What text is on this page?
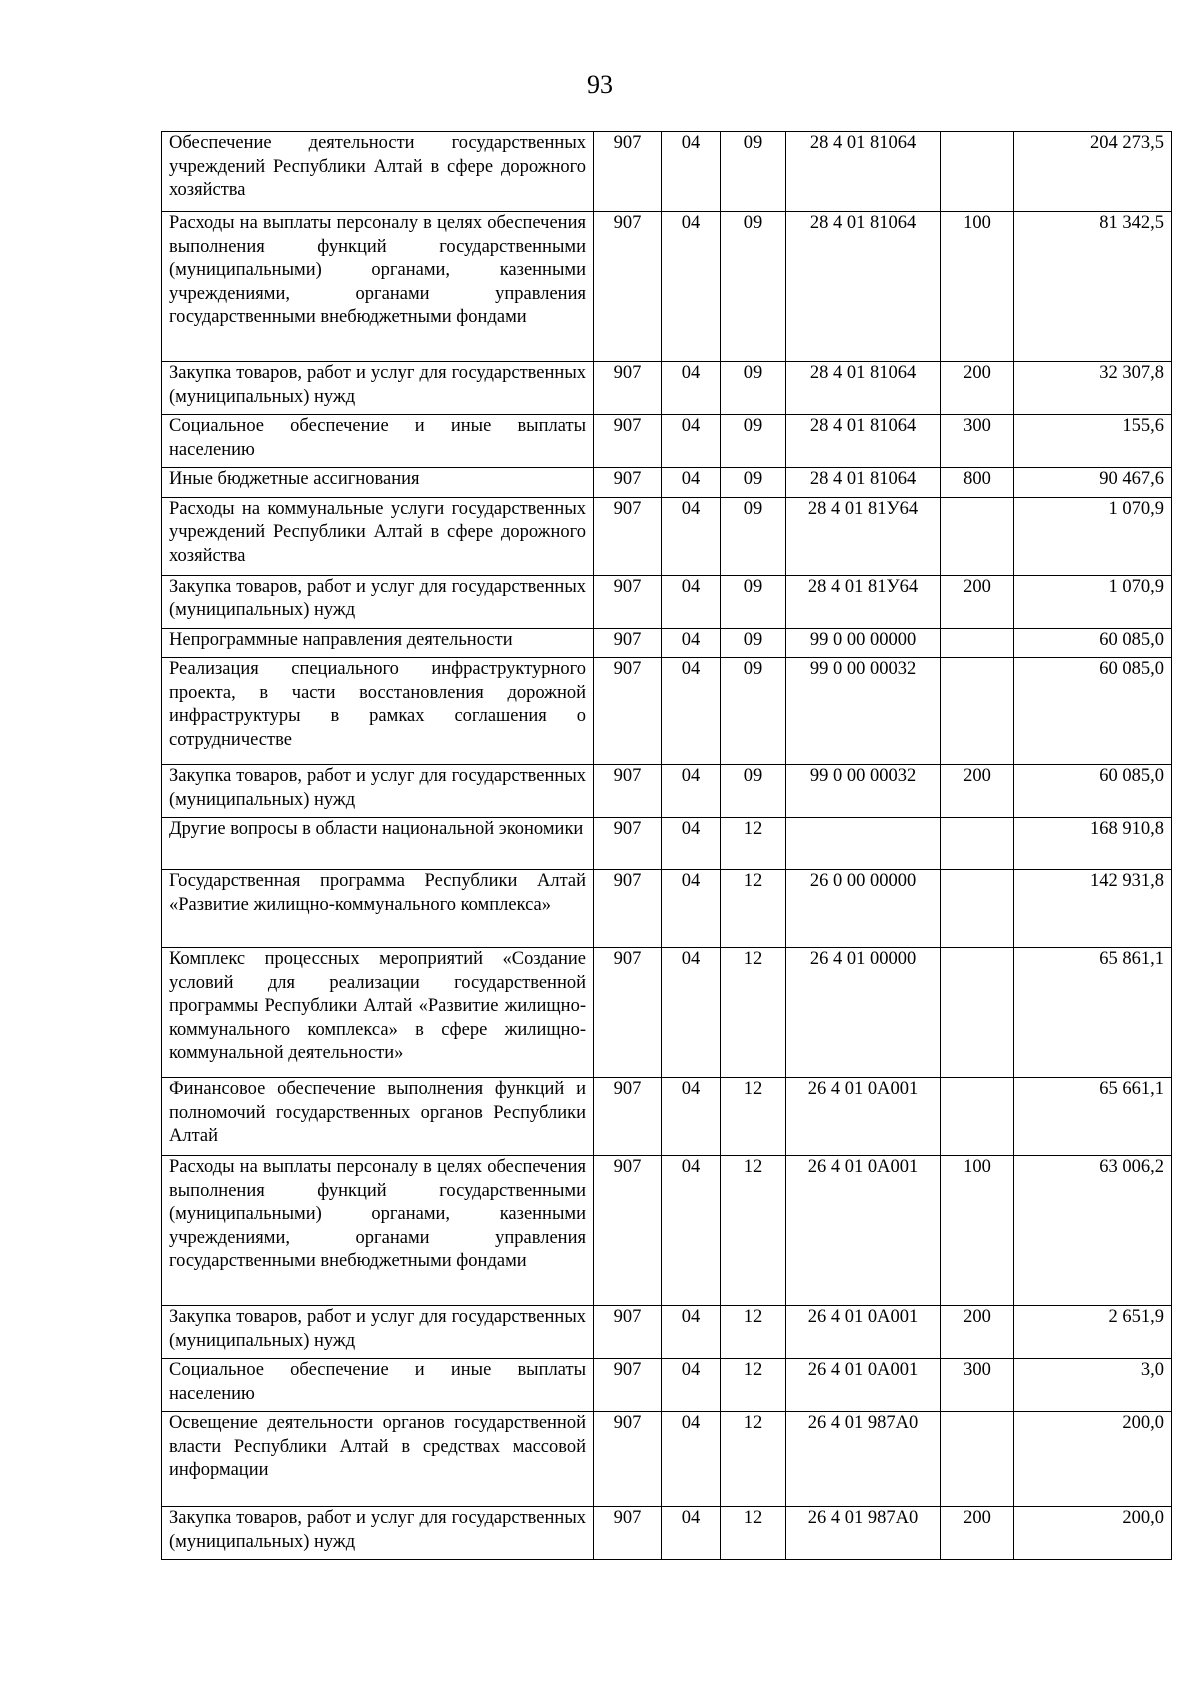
93
Обеспечение деятельности государственных учреждений Республики Алтай в сфере дорожного хозяйства	907	04	09	28 4 01 81064		204 273,5
Расходы на выплаты персоналу в целях обеспечения выполнения функций государственными (муниципальными) органами, казенными учреждениями, органами управления государственными внебюджетными фондами	907	04	09	28 4 01 81064	100	81 342,5
Закупка товаров, работ и услуг для государственных (муниципальных) нужд	907	04	09	28 4 01 81064	200	32 307,8
Социальное обеспечение и иные выплаты населению	907	04	09	28 4 01 81064	300	155,6
Иные бюджетные ассигнования	907	04	09	28 4 01 81064	800	90 467,6
Расходы на коммунальные услуги государственных учреждений Республики Алтай в сфере дорожного хозяйства	907	04	09	28 4 01 81У64		1 070,9
Закупка товаров, работ и услуг для государственных (муниципальных) нужд	907	04	09	28 4 01 81У64	200	1 070,9
Непрограммные направления деятельности	907	04	09	99 0 00 00000		60 085,0
Реализация специального инфраструктурного проекта, в части восстановления дорожной инфраструктуры в рамках соглашения о сотрудничестве	907	04	09	99 0 00 00032		60 085,0
Закупка товаров, работ и услуг для государственных (муниципальных) нужд	907	04	09	99 0 00 00032	200	60 085,0
Другие вопросы в области национальной экономики	907	04	12			168 910,8
Государственная программа Республики Алтай «Развитие жилищно-коммунального комплекса»	907	04	12	26 0 00 00000		142 931,8
Комплекс процессных мероприятий «Создание условий для реализации государственной программы Республики Алтай «Развитие жилищно-коммунального комплекса» в сфере жилищно-коммунальной деятельности»	907	04	12	26 4 01 00000		65 861,1
Финансовое обеспечение выполнения функций и полномочий государственных органов Республики Алтай	907	04	12	26 4 01 0А001		65 661,1
Расходы на выплаты персоналу в целях обеспечения выполнения функций государственными (муниципальными) органами, казенными учреждениями, органами управления государственными внебюджетными фондами	907	04	12	26 4 01 0А001	100	63 006,2
Закупка товаров, работ и услуг для государственных (муниципальных) нужд	907	04	12	26 4 01 0А001	200	2 651,9
Социальное обеспечение и иные выплаты населению	907	04	12	26 4 01 0А001	300	3,0
Освещение деятельности органов государственной власти Республики Алтай в средствах массовой информации	907	04	12	26 4 01 987А0		200,0
Закупка товаров, работ и услуг для государственных (муниципальных) нужд	907	04	12	26 4 01 987А0	200	200,0
